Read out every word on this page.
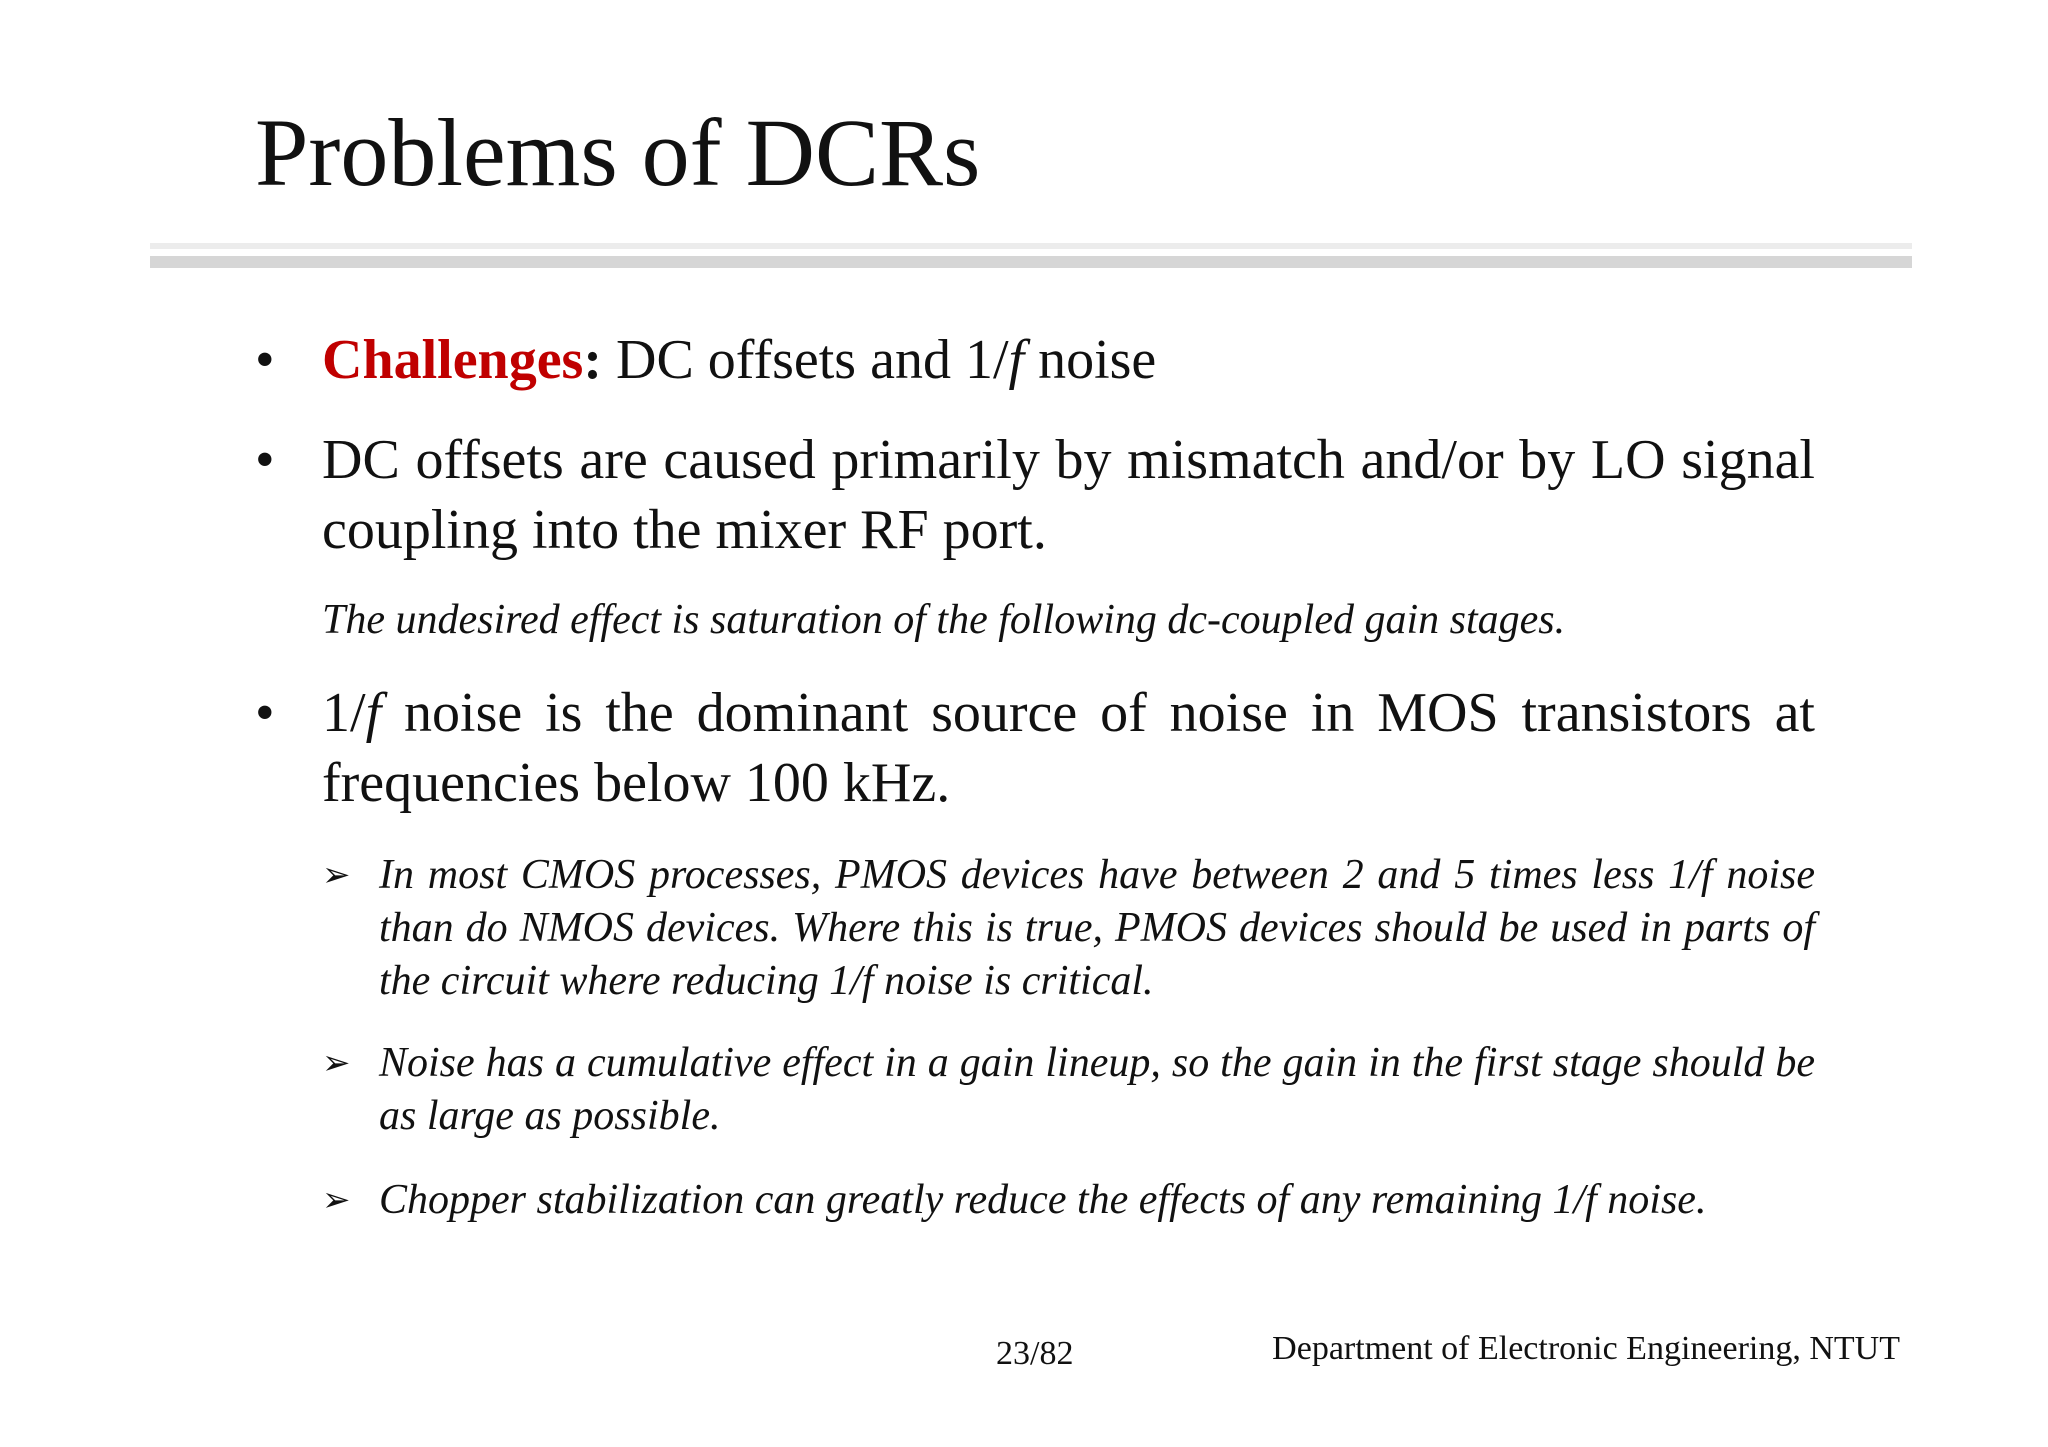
Problems of DCRs
• Challenges: DC offsets and 1/f noise
• DC offsets are caused primarily by mismatch and/or by LO signal coupling into the mixer RF port.
The undesired effect is saturation of the following dc-coupled gain stages.
• 1/f noise is the dominant source of noise in MOS transistors at frequencies below 100 kHz.
➢ In most CMOS processes, PMOS devices have between 2 and 5 times less 1/f noise than do NMOS devices. Where this is true, PMOS devices should be used in parts of the circuit where reducing 1/f noise is critical.
➢ Noise has a cumulative effect in a gain lineup, so the gain in the first stage should be as large as possible.
➢ Chopper stabilization can greatly reduce the effects of any remaining 1/f noise.
23/82	Department of Electronic Engineering, NTUT
